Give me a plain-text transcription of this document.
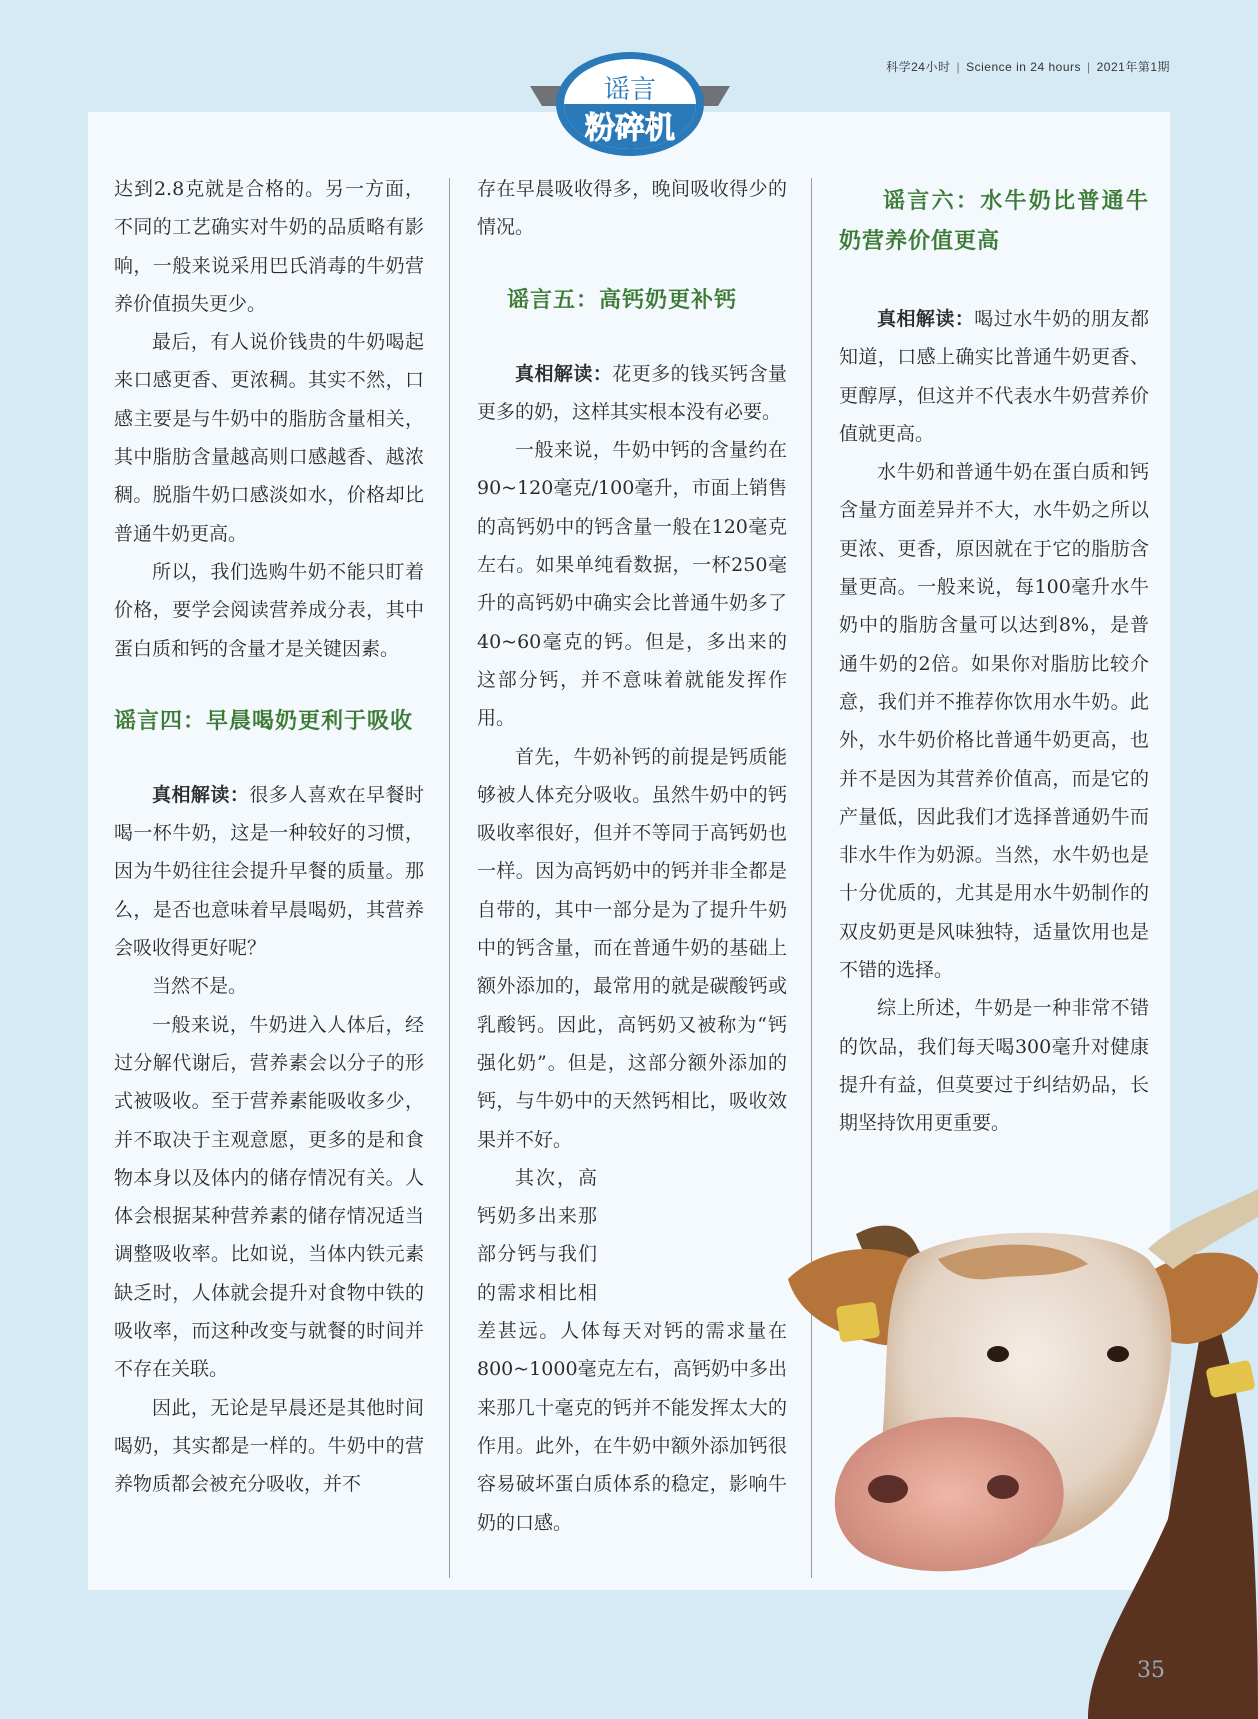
科学24小时 | Science in 24 hours | 2021年第1期
谣言
粉碎机

达到2.8克就是合格的。另一方面，不同的工艺确实对牛奶的品质略有影响，一般来说采用巴氏消毒的牛奶营养价值损失更少。

最后，有人说价钱贵的牛奶喝起来口感更香、更浓稠。其实不然，口感主要是与牛奶中的脂肪含量相关，其中脂肪含量越高则口感越香、越浓稠。脱脂牛奶口感淡如水，价格却比普通牛奶更高。

所以，我们选购牛奶不能只盯着价格，要学会阅读营养成分表，其中蛋白质和钙的含量才是关键因素。

谣言四：早晨喝奶更利于吸收

真相解读：很多人喜欢在早餐时喝一杯牛奶，这是一种较好的习惯，因为牛奶往往会提升早餐的质量。那么，是否也意味着早晨喝奶，其营养会吸收得更好呢？

当然不是。

一般来说，牛奶进入人体后，经过分解代谢后，营养素会以分子的形式被吸收。至于营养素能吸收多少，并不取决于主观意愿，更多的是和食物本身以及体内的储存情况有关。人体会根据某种营养素的储存情况适当调整吸收率。比如说，当体内铁元素缺乏时，人体就会提升对食物中铁的吸收率，而这种改变与就餐的时间并不存在关联。

因此，无论是早晨还是其他时间喝奶，其实都是一样的。牛奶中的营养物质都会被充分吸收，并不

存在早晨吸收得多，晚间吸收得少的情况。

谣言五：高钙奶更补钙

真相解读：花更多的钱买钙含量更多的奶，这样其实根本没有必要。

一般来说，牛奶中钙的含量约在90~120毫克/100毫升，市面上销售的高钙奶中的钙含量一般在120毫克左右。如果单纯看数据，一杯250毫升的高钙奶中确实会比普通牛奶多了40~60毫克的钙。但是，多出来的这部分钙，并不意味着就能发挥作用。

首先，牛奶补钙的前提是钙质能够被人体充分吸收。虽然牛奶中的钙吸收率很好，但并不等同于高钙奶也一样。因为高钙奶中的钙并非全都是自带的，其中一部分是为了提升牛奶中的钙含量，而在普通牛奶的基础上额外添加的，最常用的就是碳酸钙或乳酸钙。因此，高钙奶又被称为“钙强化奶”。但是，这部分额外添加的钙，与牛奶中的天然钙相比，吸收效果并不好。

其次，高钙奶多出来那部分钙与我们的需求相比相差甚远。人体每天对钙的需求量在800~1000毫克左右，高钙奶中多出来那几十毫克的钙并不能发挥太大的作用。此外，在牛奶中额外添加钙很容易破坏蛋白质体系的稳定，影响牛奶的口感。

谣言六：水牛奶比普通牛奶营养价值更高

真相解读：喝过水牛奶的朋友都知道，口感上确实比普通牛奶更香、更醇厚，但这并不代表水牛奶营养价值就更高。

水牛奶和普通牛奶在蛋白质和钙含量方面差异并不大，水牛奶之所以更浓、更香，原因就在于它的脂肪含量更高。一般来说，每100毫升水牛奶中的脂肪含量可以达到8%，是普通牛奶的2倍。如果你对脂肪比较介意，我们并不推荐你饮用水牛奶。此外，水牛奶价格比普通牛奶更高，也并不是因为其营养价值高，而是它的产量低，因此我们才选择普通奶牛而非水牛作为奶源。当然，水牛奶也是十分优质的，尤其是用水牛奶制作的双皮奶更是风味独特，适量饮用也是不错的选择。

综上所述，牛奶是一种非常不错的饮品，我们每天喝300毫升对健康提升有益，但莫要过于纠结奶品，长期坚持饮用更重要。

35
